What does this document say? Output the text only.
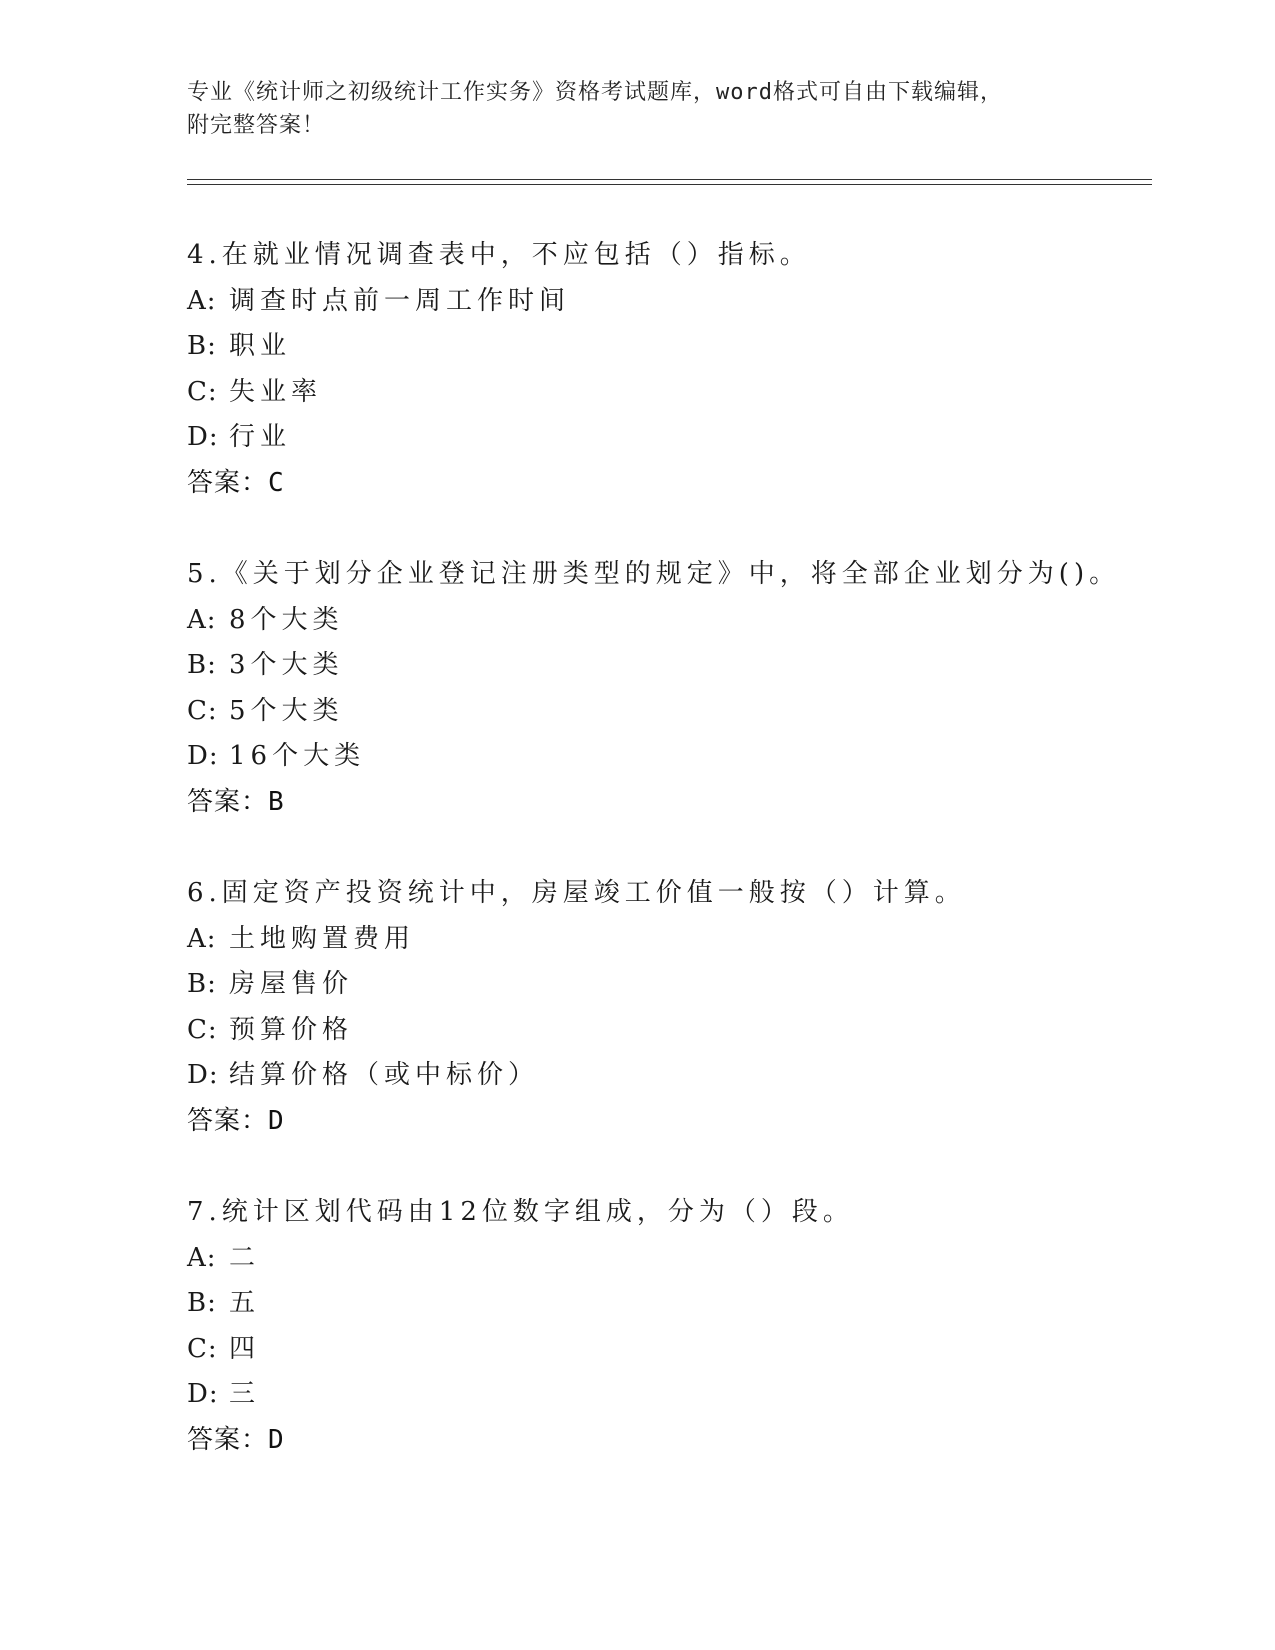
专业《统计师之初级统计工作实务》资格考试题库，word格式可自由下载编辑，
附完整答案！
4.在就业情况调查表中，不应包括（）指标。
A: 调查时点前一周工作时间
B: 职业
C: 失业率
D: 行业
答案：C
5.《关于划分企业登记注册类型的规定》中，将全部企业划分为()。
A: 8个大类
B: 3个大类
C: 5个大类
D: 16个大类
答案：B
6.固定资产投资统计中，房屋竣工价值一般按（）计算。
A: 土地购置费用
B: 房屋售价
C: 预算价格
D: 结算价格（或中标价）
答案：D
7.统计区划代码由12位数字组成，分为（）段。
A: 二
B: 五
C: 四
D: 三
答案：D
